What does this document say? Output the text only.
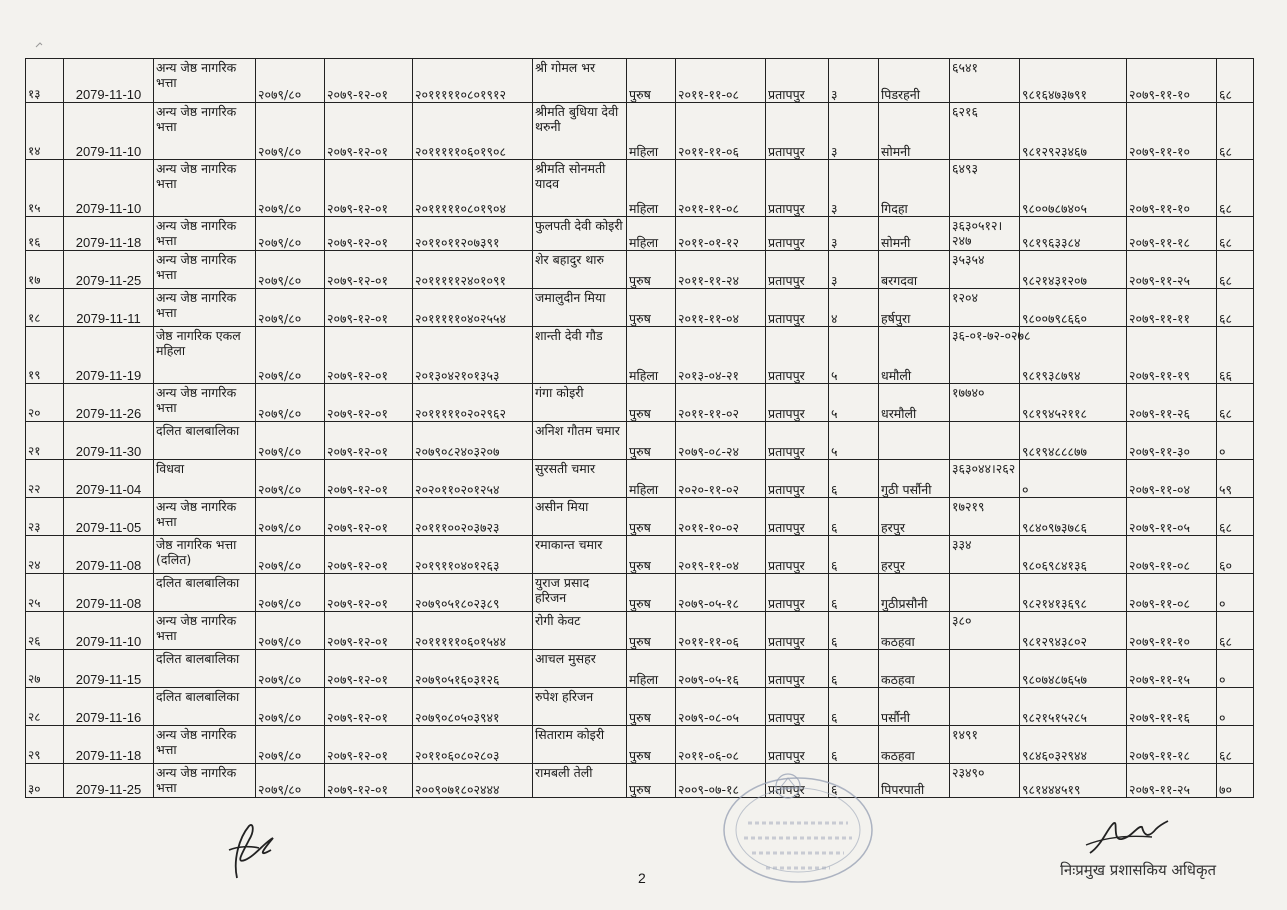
१३	2079-11-10	अन्य जेष्ठ नागरिक भत्ता	२०७९/८०	२०७९-१२-०१	२०१११११०८०१९१२	श्री गोमल भर	पुरुष	२०११-११-०८	प्रतापपुर	३	पिडरहनी	६५४१	९८१६४७३७९१	२०७९-११-१०	६८
१४	2079-11-10	अन्य जेष्ठ नागरिक भत्ता	२०७९/८०	२०७९-१२-०१	२०१११११०६०१९०८	श्रीमति बुधिया देवी थरुनी	महिला	२०११-११-०६	प्रतापपुर	३	सोमनी	६२१६	९८१२९२३४६७	२०७९-११-१०	६८
१५	2079-11-10	अन्य जेष्ठ नागरिक भत्ता	२०७९/८०	२०७९-१२-०१	२०१११११०८०१९०४	श्रीमति सोनमती यादव	महिला	२०११-११-०८	प्रतापपुर	३	गिदहा	६४९३	९८००७८७४०५	२०७९-११-१०	६८
१६	2079-11-18	अन्य जेष्ठ नागरिक भत्ता	२०७९/८०	२०७९-१२-०१	२०११०११२०७३९१	फुलपती देवी कोइरी	महिला	२०११-०१-१२	प्रतापपुर	३	सोमनी	३६३०५१२।२४७	९८१९६३३८४	२०७९-११-१८	६८
१७	2079-11-25	अन्य जेष्ठ नागरिक भत्ता	२०७९/८०	२०७९-१२-०१	२०१११११२४०१०९१	शेर बहादुर थारु	पुरुष	२०११-११-२४	प्रतापपुर	३	बरगदवा	३५३५४	९८२१४३१२०७	२०७९-११-२५	६८
१८	2079-11-11	अन्य जेष्ठ नागरिक भत्ता	२०७९/८०	२०७९-१२-०१	२०१११११०४०२५५४	जमालुदीन मिया	पुरुष	२०११-११-०४	प्रतापपुर	४	हर्षपुरा	१२०४	९८००७९८६६०	२०७९-११-११	६८
१९	2079-11-19	जेष्ठ नागरिक एकल महिला	२०७९/८०	२०७९-१२-०१	२०१३०४२१०१३५३	शान्ती देवी गौड	महिला	२०१३-०४-२१	प्रतापपुर	५	धमौली	३६-०१-७२-०२७८	९८१९३८७९४	२०७९-११-१९	६६
२०	2079-11-26	अन्य जेष्ठ नागरिक भत्ता	२०७९/८०	२०७९-१२-०१	२०१११११०२०२९६२	गंगा कोइरी	पुरुष	२०११-११-०२	प्रतापपुर	५	धरमौली	१७७४०	९८१९४५२११८	२०७९-११-२६	६८
२१	2079-11-30	दलित बालबालिका	२०७९/८०	२०७९-१२-०१	२०७९०८२४०३२०७	अनिश गौतम चमार	पुरुष	२०७९-०८-२४	प्रतापपुर	५			९८१९४८८८७७	२०७९-११-३०	०
२२	2079-11-04	विधवा	२०७९/८०	२०७९-१२-०१	२०२०११०२०१२५४	सुरसती चमार	महिला	२०२०-११-०२	प्रतापपुर	६	गुठी पर्सौनी	३६३०४४।२६२	०	२०७९-११-०४	५९
२३	2079-11-05	अन्य जेष्ठ नागरिक भत्ता	२०७९/८०	२०७९-१२-०१	२०१११००२०३७२३	असीन मिया	पुरुष	२०११-१०-०२	प्रतापपुर	६	हरपुर	१७२१९	९८४०९७३७८६	२०७९-११-०५	६८
२४	2079-11-08	जेष्ठ नागरिक भत्ता (दलित)	२०७९/८०	२०७९-१२-०१	२०१९११०४०१२६३	रमाकान्त चमार	पुरुष	२०१९-११-०४	प्रतापपुर	६	हरपुर	३३४	९८०६९८४१३६	२०७९-११-०८	६०
२५	2079-11-08	दलित बालबालिका	२०७९/८०	२०७९-१२-०१	२०७९०५१८०२३८९	युराज प्रसाद हरिजन	पुरुष	२०७९-०५-१८	प्रतापपुर	६	गुठीप्रसौनी		९८२१४१३६९८	२०७९-११-०८	०
२६	2079-11-10	अन्य जेष्ठ नागरिक भत्ता	२०७९/८०	२०७९-१२-०१	२०१११११०६०१५४४	रोगी केवट	पुरुष	२०११-११-०६	प्रतापपुर	६	कठहवा	३८०	९८१२९४३८०२	२०७९-११-१०	६८
२७	2079-11-15	दलित बालबालिका	२०७९/८०	२०७९-१२-०१	२०७९०५१६०३१२६	आचल मुसहर	महिला	२०७९-०५-१६	प्रतापपुर	६	कठहवा		९८०७४८७६५७	२०७९-११-१५	०
२८	2079-11-16	दलित बालबालिका	२०७९/८०	२०७९-१२-०१	२०७९०८०५०३९४१	रुपेश हरिजन	पुरुष	२०७९-०८-०५	प्रतापपुर	६	पर्सौनी		९८२१५१५२८५	२०७९-११-१६	०
२९	2079-11-18	अन्य जेष्ठ नागरिक भत्ता	२०७९/८०	२०७९-१२-०१	२०११०६०८०२८०३	सिताराम कोइरी	पुरुष	२०११-०६-०८	प्रतापपुर	६	कठहवा	१४९१	९८४६०३२९४४	२०७९-११-१८	६८
३०	2079-11-25	अन्य जेष्ठ नागरिक भत्ता	२०७९/८०	२०७९-१२-०१	२००९०७१८०२४४४	रामबली तेली	पुरुष	२००९-०७-१८	प्रतापपुर	६	पिपरपाती	२३४९०	९८१४४४५१९	२०७९-११-२५	७०
निःप्रमुख प्रशासकिय अधिकृत
2
